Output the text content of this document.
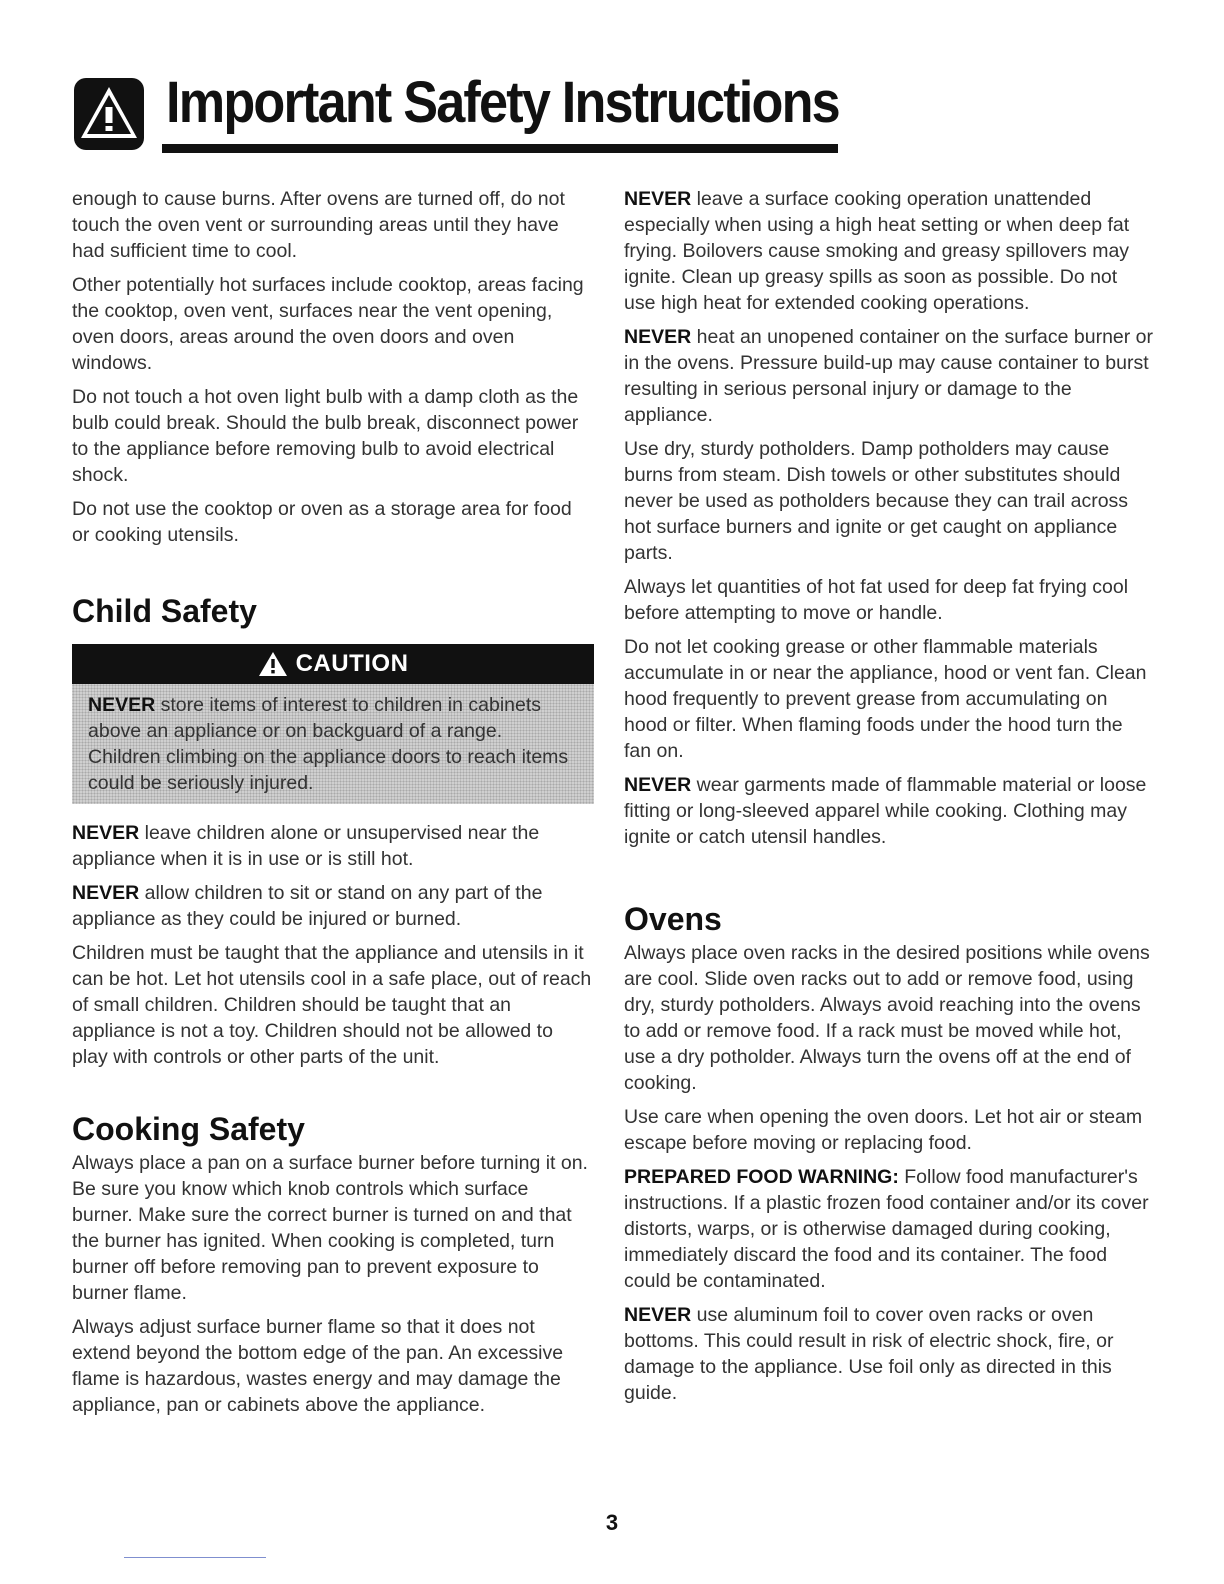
Important Safety Instructions

enough to cause burns. After ovens are turned off, do not touch the oven vent or surrounding areas until they have had sufficient time to cool.

Other potentially hot surfaces include cooktop, areas facing the cooktop, oven vent, surfaces near the vent opening, oven doors, areas around the oven doors and oven windows.

Do not touch a hot oven light bulb with a damp cloth as the bulb could break. Should the bulb break, disconnect power to the appliance before removing bulb to avoid electrical shock.

Do not use the cooktop or oven as a storage area for food or cooking utensils.

Child Safety
CAUTION
NEVER store items of interest to children in cabinets above an appliance or on backguard of a range. Children climbing on the appliance doors to reach items could be seriously injured.

NEVER leave children alone or unsupervised near the appliance when it is in use or is still hot.

NEVER allow children to sit or stand on any part of the appliance as they could be injured or burned.

Children must be taught that the appliance and utensils in it can be hot. Let hot utensils cool in a safe place, out of reach of small children. Children should be taught that an appliance is not a toy. Children should not be allowed to play with controls or other parts of the unit.

Cooking Safety

Always place a pan on a surface burner before turning it on. Be sure you know which knob controls which surface burner. Make sure the correct burner is turned on and that the burner has ignited. When cooking is completed, turn burner off before removing pan to prevent exposure to burner flame.

Always adjust surface burner flame so that it does not extend beyond the bottom edge of the pan. An excessive flame is hazardous, wastes energy and may damage the appliance, pan or cabinets above the appliance.

NEVER leave a surface cooking operation unattended especially when using a high heat setting or when deep fat frying. Boilovers cause smoking and greasy spillovers may ignite. Clean up greasy spills as soon as possible. Do not use high heat for extended cooking operations.

NEVER heat an unopened container on the surface burner or in the ovens. Pressure build-up may cause container to burst resulting in serious personal injury or damage to the appliance.

Use dry, sturdy potholders. Damp potholders may cause burns from steam. Dish towels or other substitutes should never be used as potholders because they can trail across hot surface burners and ignite or get caught on appliance parts.

Always let quantities of hot fat used for deep fat frying cool before attempting to move or handle.

Do not let cooking grease or other flammable materials accumulate in or near the appliance, hood or vent fan. Clean hood frequently to prevent grease from accumulating on hood or filter. When flaming foods under the hood turn the fan on.

NEVER wear garments made of flammable material or loose fitting or long-sleeved apparel while cooking. Clothing may ignite or catch utensil handles.

Ovens

Always place oven racks in the desired positions while ovens are cool. Slide oven racks out to add or remove food, using dry, sturdy potholders. Always avoid reaching into the ovens to add or remove food. If a rack must be moved while hot, use a dry potholder. Always turn the ovens off at the end of cooking.

Use care when opening the oven doors. Let hot air or steam escape before moving or replacing food.

PREPARED FOOD WARNING: Follow food manufacturer's instructions. If a plastic frozen food container and/or its cover distorts, warps, or is otherwise damaged during cooking, immediately discard the food and its container. The food could be contaminated.

NEVER use aluminum foil to cover oven racks or oven bottoms. This could result in risk of electric shock, fire, or damage to the appliance. Use foil only as directed in this guide.

3
